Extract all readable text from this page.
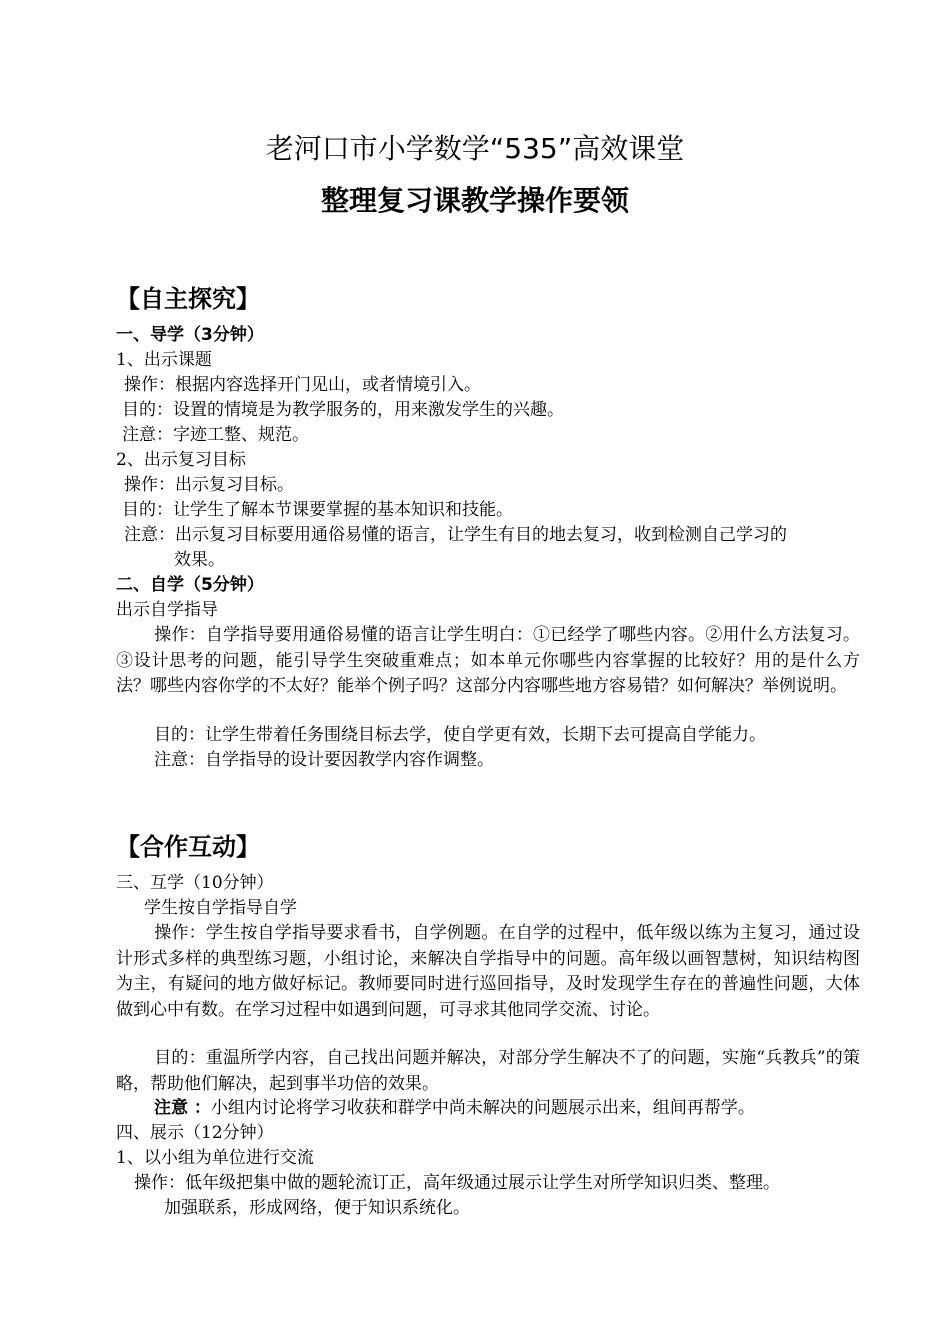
老河口市小学数学“535”高效课堂
整理复习课教学操作要领
【自主探究】
一、导学（3分钟）
1、出示课题
操作：根据内容选择开门见山，或者情境引入。
目的：设置的情境是为教学服务的，用来激发学生的兴趣。
注意：字迹工整、规范。
2、出示复习目标
操作：出示复习目标。
目的：让学生了解本节课要掌握的基本知识和技能。
注意：出示复习目标要用通俗易懂的语言，让学生有目的地去复习，收到检测自己学习的
效果。
二、自学（5分钟）
出示自学指导
操作：自学指导要用通俗易懂的语言让学生明白：①已经学了哪些内容。②用什么方法复习。③设计思考的问题，能引导学生突破重难点；如本单元你哪些内容掌握的比较好？用的是什么方法？哪些内容你学的不太好？能举个例子吗？这部分内容哪些地方容易错？如何解决？举例说明。
目的：让学生带着任务围绕目标去学，使自学更有效，长期下去可提高自学能力。
注意：自学指导的设计要因教学内容作调整。
【合作互动】
三、互学（10分钟）
学生按自学指导自学
操作：学生按自学指导要求看书，自学例题。在自学的过程中，低年级以练为主复习，通过设计形式多样的典型练习题，小组讨论，来解决自学指导中的问题。高年级以画智慧树，知识结构图为主，有疑问的地方做好标记。教师要同时进行巡回指导，及时发现学生存在的普遍性问题，大体做到心中有数。在学习过程中如遇到问题，可寻求其他同学交流、讨论。
目的：重温所学内容，自己找出问题并解决，对部分学生解决不了的问题，实施“兵教兵”的策略，帮助他们解决，起到事半功倍的效果。
注意 ：小组内讨论将学习收获和群学中尚未解决的问题展示出来，组间再帮学。
四、展示（12分钟）
1、以小组为单位进行交流
操作：低年级把集中做的题轮流订正，高年级通过展示让学生对所学知识归类、整理。
加强联系，形成网络，便于知识系统化。
